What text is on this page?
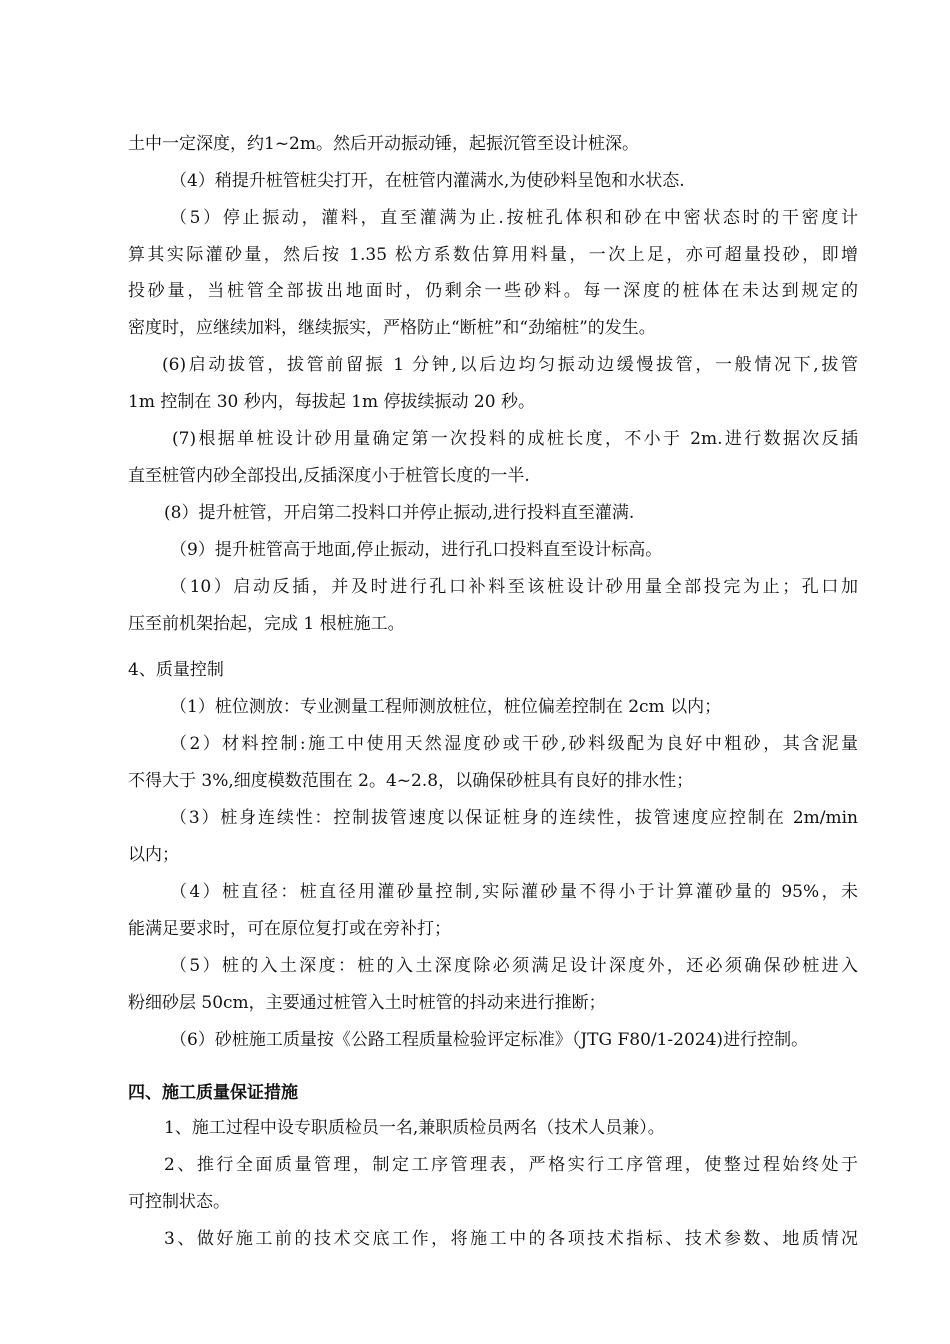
土中一定深度，约1~2m。然后开动振动锤，起振沉管至设计桩深。
（4）稍提升桩管桩尖打开，在桩管内灌满水,为使砂料呈饱和水状态.
（5）停止振动，灌料，直至灌满为止.按桩孔体积和砂在中密状态时的干密度计
算其实际灌砂量，然后按 1.35 松方系数估算用料量，一次上足，亦可超量投砂，即增
投砂量，当桩管全部拔出地面时，仍剩余一些砂料。每一深度的桩体在未达到规定的
密度时，应继续加料，继续振实，严格防止“断桩”和“劲缩桩”的发生。
(6)启动拔管，拔管前留振 1 分钟,以后边均匀振动边缓慢拔管，一般情况下,拔管
1m 控制在 30 秒内，每拔起 1m 停拔续振动 20 秒。
(7)根据单桩设计砂用量确定第一次投料的成桩长度，不小于 2m.进行数据次反插
直至桩管内砂全部投出,反插深度小于桩管长度的一半.
(8）提升桩管，开启第二投料口并停止振动,进行投料直至灌满.
（9）提升桩管高于地面,停止振动，进行孔口投料直至设计标高。
（10）启动反插，并及时进行孔口补料至该桩设计砂用量全部投完为止；孔口加
压至前机架抬起，完成 1 根桩施工。
4、质量控制
（1）桩位测放：专业测量工程师测放桩位，桩位偏差控制在 2cm 以内；
（2）材料控制:施工中使用天然湿度砂或干砂,砂料级配为良好中粗砂，其含泥量
不得大于 3%,细度模数范围在 2。4~2.8，以确保砂桩具有良好的排水性；
（3）桩身连续性：控制拔管速度以保证桩身的连续性，拔管速度应控制在 2m/min
以内；
（4）桩直径：桩直径用灌砂量控制,实际灌砂量不得小于计算灌砂量的 95%，未
能满足要求时，可在原位复打或在旁补打；
（5）桩的入土深度：桩的入土深度除必须满足设计深度外，还必须确保砂桩进入
粉细砂层 50cm，主要通过桩管入土时桩管的抖动来进行推断；
（6）砂桩施工质量按《公路工程质量检验评定标准》（JTG F80/1-2024)进行控制。
四、施工质量保证措施
1、施工过程中设专职质检员一名,兼职质检员两名（技术人员兼）。
2、推行全面质量管理，制定工序管理表，严格实行工序管理，使整过程始终处于
可控制状态。
3、做好施工前的技术交底工作，将施工中的各项技术指标、技术参数、地质情况
